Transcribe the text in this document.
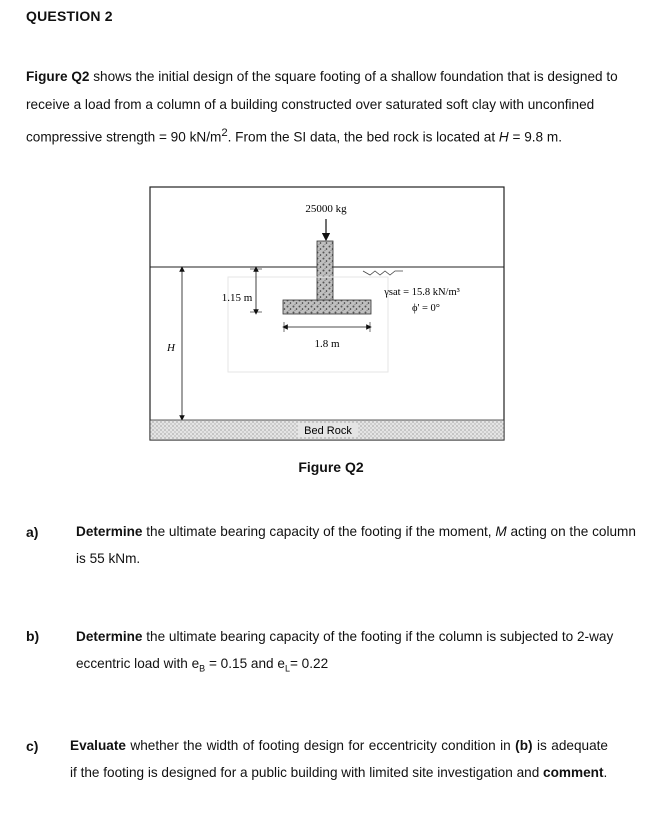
QUESTION 2
Figure Q2 shows the initial design of the square footing of a shallow foundation that is designed to receive a load from a column of a building constructed over saturated soft clay with unconfined compressive strength = 90 $kN/m^2$. From the SI data, the bed rock is located at H = 9.8 m.
25000 kg
1.15 m
1.8 m
H
γsat = 15.8 kN/m³
ϕ' = 0°
Bed Rock
Figure Q2
a)	Determine the ultimate bearing capacity of the footing if the moment, M acting on the column is 55 kNm.
b)	Determine the ultimate bearing capacity of the footing if the column is subjected to 2-way eccentric load with $e_B = 0.15$ and $e_L= 0.22$
c) Evaluate whether the width of footing design for eccentricity condition in (b) is adequate if the footing is designed for a public building with limited site investigation and comment.
